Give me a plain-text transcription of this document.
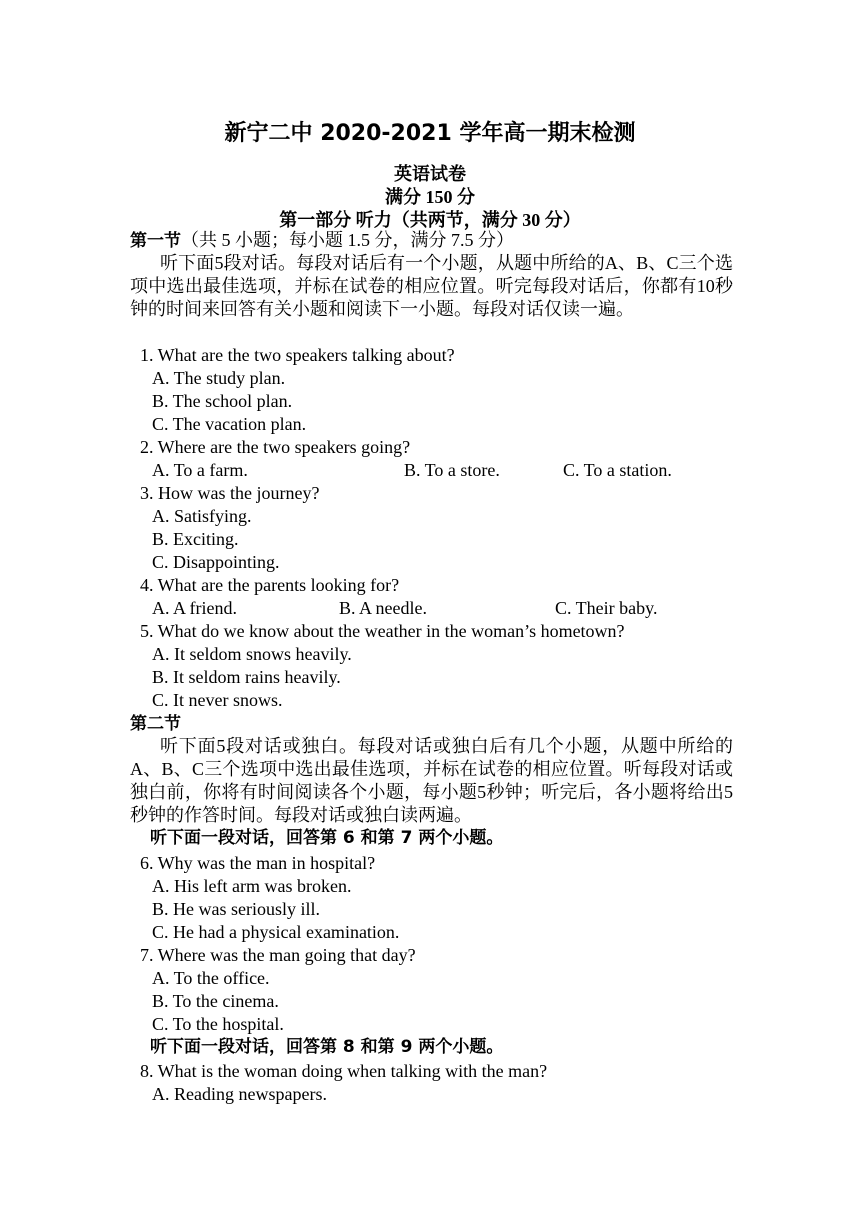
新宁二中 2020-2021 学年高一期末检测
英语试卷
满分 150 分
第一部分 听力（共两节，满分 30 分）
第一节（共 5 小题；每小题 1.5 分，满分 7.5 分）

听下面5段对话。每段对话后有一个小题，从题中所给的A、B、C三个选项中选出最佳选项，并标在试卷的相应位置。听完每段对话后，你都有10秒钟的时间来回答有关小题和阅读下一小题。每段对话仅读一遍。

1. What are the two speakers talking about?
A. The study plan.
B. The school plan.
C. The vacation plan.
2. Where are the two speakers going?
A. To a farm.	B. To a store.	C. To a station.
3. How was the journey?
A. Satisfying.
B. Exciting.
C. Disappointing.
4. What are the parents looking for?
A. A friend.	B. A needle.	C. Their baby.
5. What do we know about the weather in the woman’s hometown?
A. It seldom snows heavily.
B. It seldom rains heavily.
C. It never snows.
第二节

听下面5段对话或独白。每段对话或独白后有几个小题，从题中所给的A、B、C三个选项中选出最佳选项，并标在试卷的相应位置。听每段对话或独白前，你将有时间阅读各个小题，每小题5秒钟；听完后，各小题将给出5秒钟的作答时间。每段对话或独白读两遍。

听下面一段对话，回答第 6 和第 7 两个小题。
6. Why was the man in hospital?
A. His left arm was broken.
B. He was seriously ill.
C. He had a physical examination.
7. Where was the man going that day?
A. To the office.
B. To the cinema.
C. To the hospital.
听下面一段对话，回答第 8 和第 9 两个小题。
8. What is the woman doing when talking with the man?
A. Reading newspapers.
